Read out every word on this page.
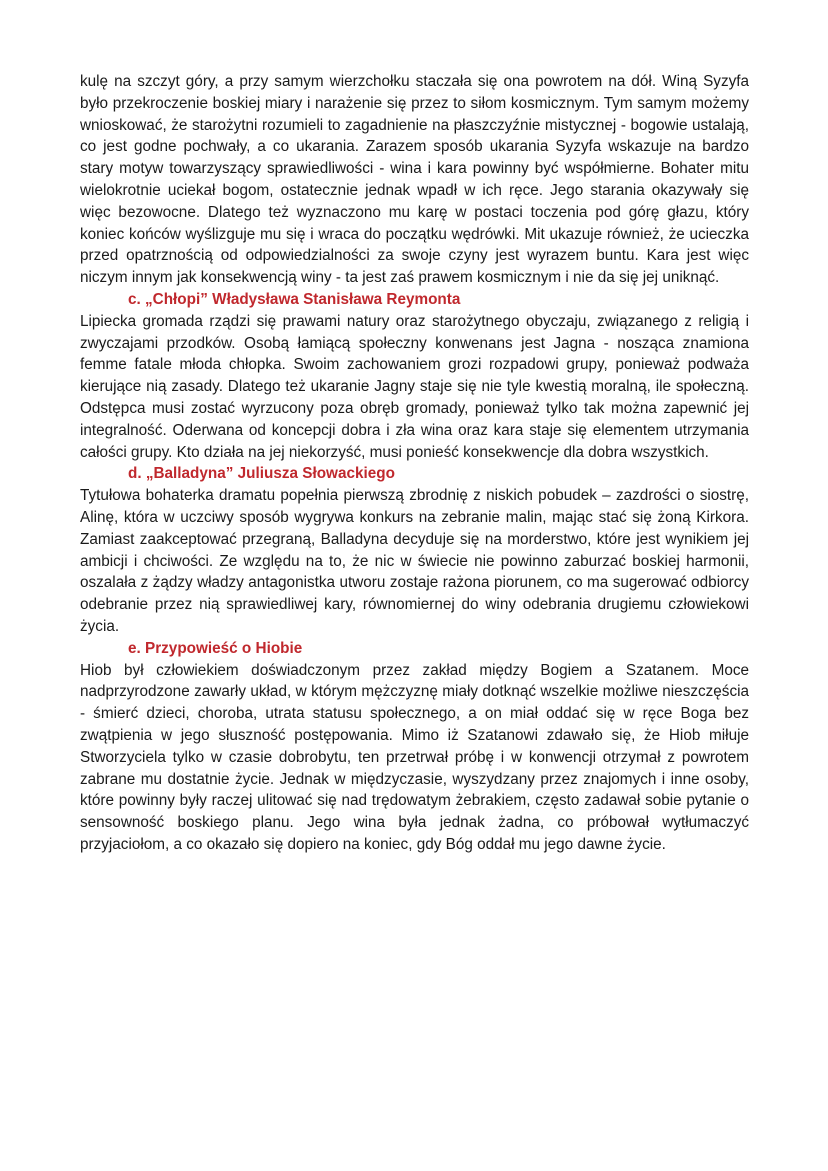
kulę na szczyt góry, a przy samym wierzchołku staczała się ona powrotem na dół. Winą Syzyfa było przekroczenie boskiej miary i narażenie się przez to siłom kosmicznym. Tym samym możemy wnioskować, że starożytni rozumieli to zagadnienie na płaszczyźnie mistycznej - bogowie ustalają, co jest godne pochwały, a co ukarania. Zarazem sposób ukarania Syzyfa wskazuje na bardzo stary motyw towarzyszący sprawiedliwości - wina i kara powinny być współmierne. Bohater mitu wielokrotnie uciekał bogom, ostatecznie jednak wpadł w ich ręce. Jego starania okazywały się więc bezowocne. Dlatego też wyznaczono mu karę w postaci toczenia pod górę głazu, który koniec końców wyślizguje mu się i wraca do początku wędrówki. Mit ukazuje również, że ucieczka przed opatrznością od odpowiedzialności za swoje czyny jest wyrazem buntu. Kara jest więc niczym innym jak konsekwencją winy - ta jest zaś prawem kosmicznym i nie da się jej uniknąć.

c. „Chłopi” Władysława Stanisława Reymonta

Lipiecka gromada rządzi się prawami natury oraz starożytnego obyczaju, związanego z religią i zwyczajami przodków. Osobą łamiącą społeczny konwenans jest Jagna - nosząca znamiona femme fatale młoda chłopka. Swoim zachowaniem grozi rozpadowi grupy, ponieważ podważa kierujące nią zasady. Dlatego też ukaranie Jagny staje się nie tyle kwestią moralną, ile społeczną. Odstępca musi zostać wyrzucony poza obręb gromady, ponieważ tylko tak można zapewnić jej integralność. Oderwana od koncepcji dobra i zła wina oraz kara staje się elementem utrzymania całości grupy. Kto działa na jej niekorzyść, musi ponieść konsekwencje dla dobra wszystkich.

d. „Balladyna” Juliusza Słowackiego

Tytułowa bohaterka dramatu popełnia pierwszą zbrodnię z niskich pobudek – zazdrości o siostrę, Alinę, która w uczciwy sposób wygrywa konkurs na zebranie malin, mając stać się żoną Kirkora. Zamiast zaakceptować przegraną, Balladyna decyduje się na morderstwo, które jest wynikiem jej ambicji i chciwości. Ze względu na to, że nic w świecie nie powinno zaburzać boskiej harmonii, oszalała z żądzy władzy antagonistka utworu zostaje rażona piorunem, co ma sugerować odbiorcy odebranie przez nią sprawiedliwej kary, równomiernej do winy odebrania drugiemu człowiekowi życia.

e. Przypowieść o Hiobie

Hiob był człowiekiem doświadczonym przez zakład między Bogiem a Szatanem. Moce nadprzyrodzone zawarły układ, w którym mężczyznę miały dotknąć wszelkie możliwe nieszczęścia - śmierć dzieci, choroba, utrata statusu społecznego, a on miał oddać się w ręce Boga bez zwątpienia w jego słuszność postępowania. Mimo iż Szatanowi zdawało się, że Hiob miłuje Stworzyciela tylko w czasie dobrobytu, ten przetrwał próbę i w konwencji otrzymał z powrotem zabrane mu dostatnie życie. Jednak w międzyczasie, wyszydzany przez znajomych i inne osoby, które powinny były raczej ulitować się nad trędowatym żebrakiem, często zadawał sobie pytanie o sensowność boskiego planu. Jego wina była jednak żadna, co próbował wytłumaczyć przyjaciołom, a co okazało się dopiero na koniec, gdy Bóg oddał mu jego dawne życie.
